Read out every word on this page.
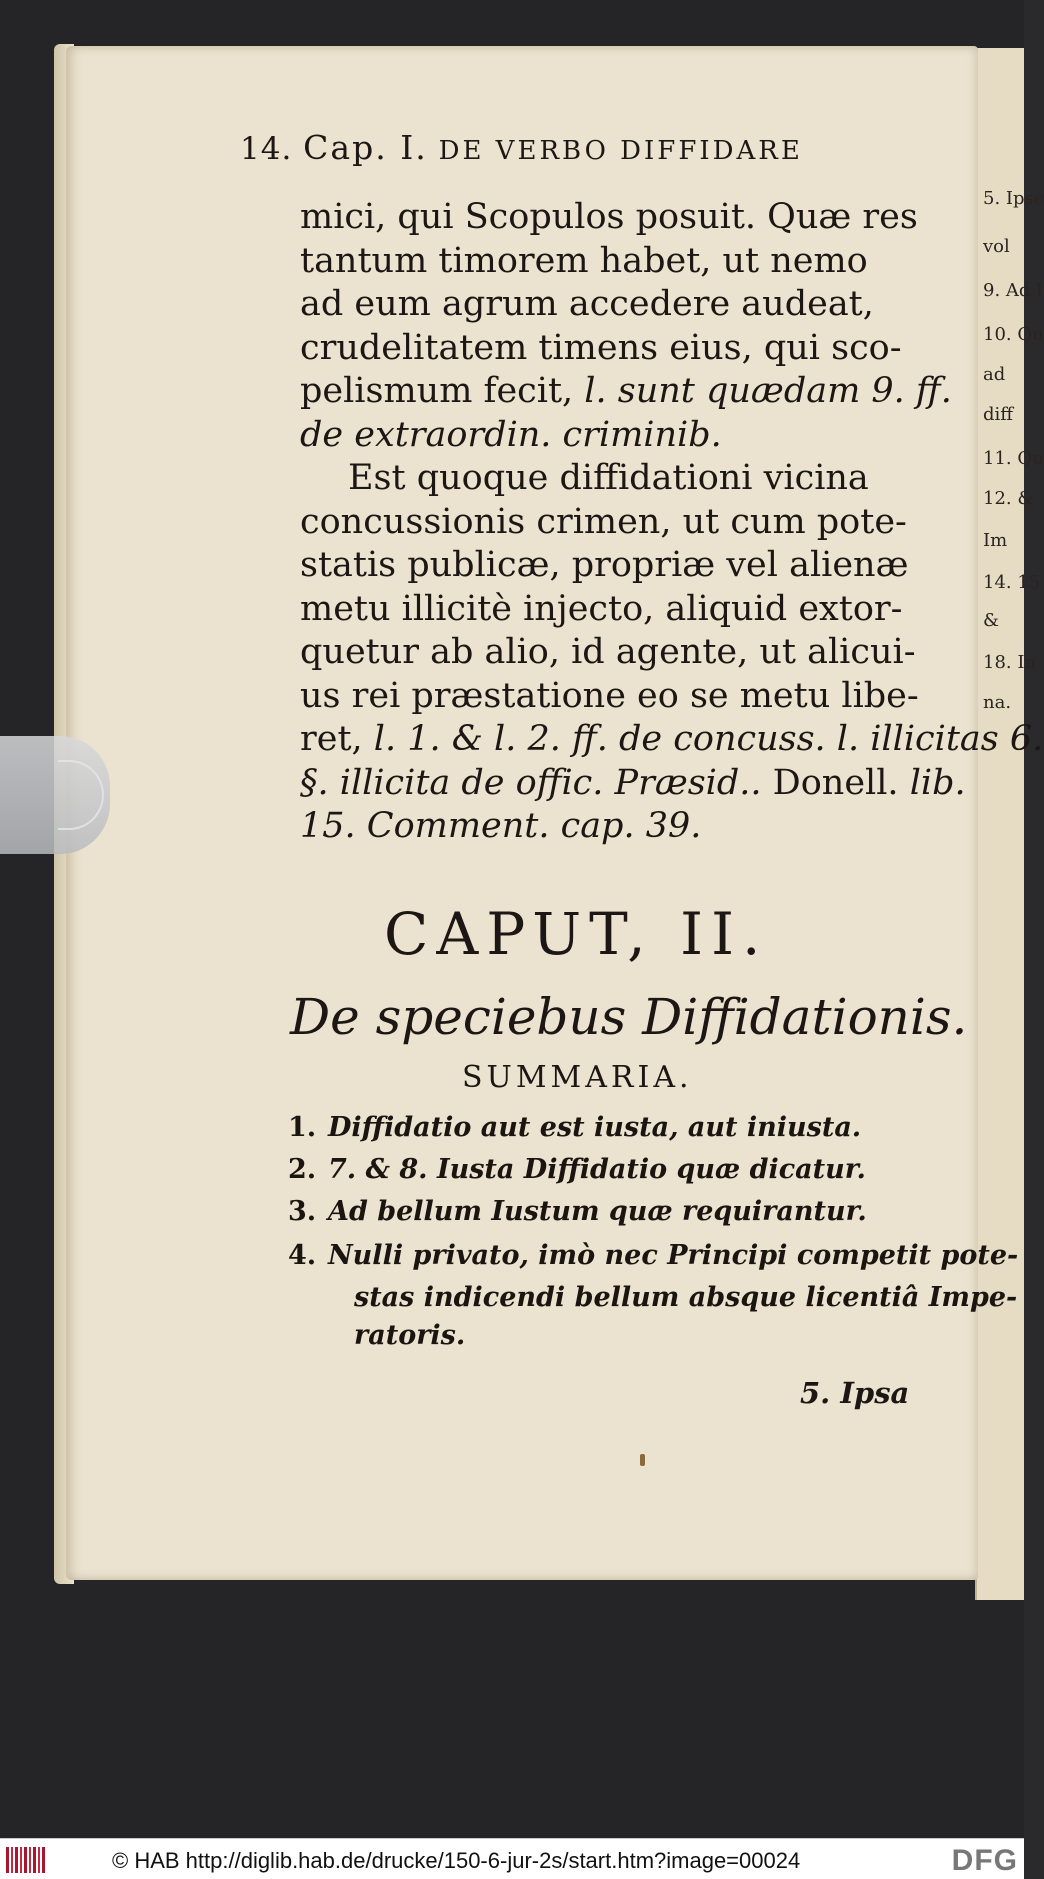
5. Ipse
vol
9. Ad I
10. Qu
ad
diff
11. Qu
12. &
Im
14. 15
&
18. In
na.
14. Cap. I. DE VERBO DIFFIDARE
mici, qui Scopulos posuit. Quæ res
tantum timorem habet, ut nemo
ad eum agrum accedere audeat,
crudelitatem timens eius, qui sco-
pelismum fecit, l. sunt quædam 9. ff.
de extraordin. criminib.
Est quoque diffidationi vicina
concussionis crimen, ut cum pote-
statis publicæ, propriæ vel alienæ
metu illicitè injecto, aliquid extor-
quetur ab alio, id agente, ut alicui-
us rei præstatione eo se metu libe-
ret, l. 1. & l. 2. ff. de concuss. l. illicitas 6.
§. illicita de offic. Præsid.. Donell. lib.
15. Comment. cap. 39.
CAPUT, II.
De speciebus Diffidationis.
SUMMARIA.
1. Diffidatio aut est iusta, aut iniusta.
2. 7. & 8. Iusta Diffidatio quæ dicatur.
3. Ad bellum Iustum quæ requirantur.
4. Nulli privato, imò nec Principi competit pote-
stas indicendi bellum absque licentiâ Impe-
ratoris.
5. Ipsa
© HAB http://diglib.hab.de/drucke/150-6-jur-2s/start.htm?image=00024	DFG
